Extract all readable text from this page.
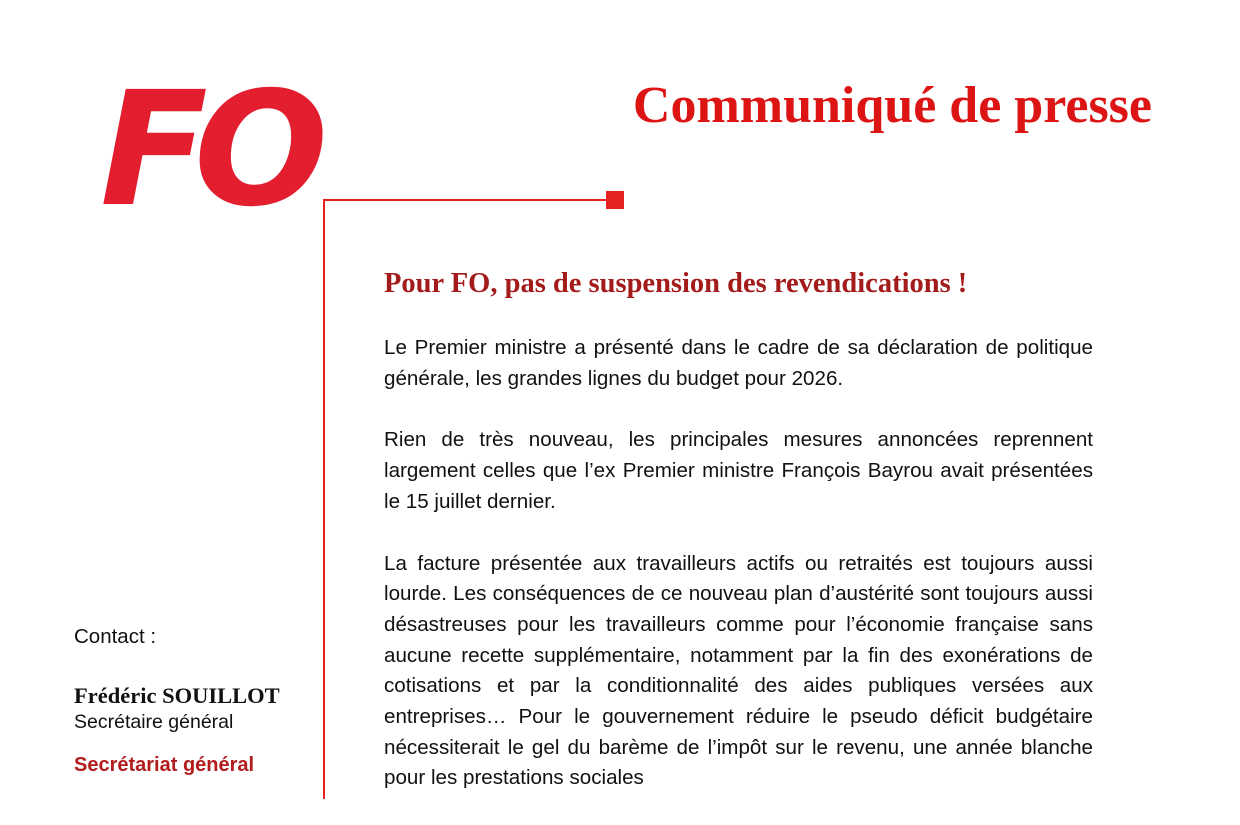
FO	Communiqué de presse
Pour FO, pas de suspension des revendications !

Le Premier ministre a présenté dans le cadre de sa déclaration de politique générale, les grandes lignes du budget pour 2026.

Rien de très nouveau, les principales mesures annoncées reprennent largement celles que l’ex Premier ministre François Bayrou avait présentées le 15 juillet dernier.

La facture présentée aux travailleurs actifs ou retraités est toujours aussi lourde. Les conséquences de ce nouveau plan d’austérité sont toujours aussi désastreuses pour les travailleurs comme pour l’économie française sans aucune recette supplémentaire, notamment par la fin des exonérations de cotisations et par la conditionnalité des aides publiques versées aux entreprises… Pour le gouvernement réduire le pseudo déficit budgétaire nécessiterait le gel du barème de l’impôt sur le revenu, une année blanche pour les prestations sociales

Contact :
Frédéric SOUILLOT
Secrétaire général
Secrétariat général
